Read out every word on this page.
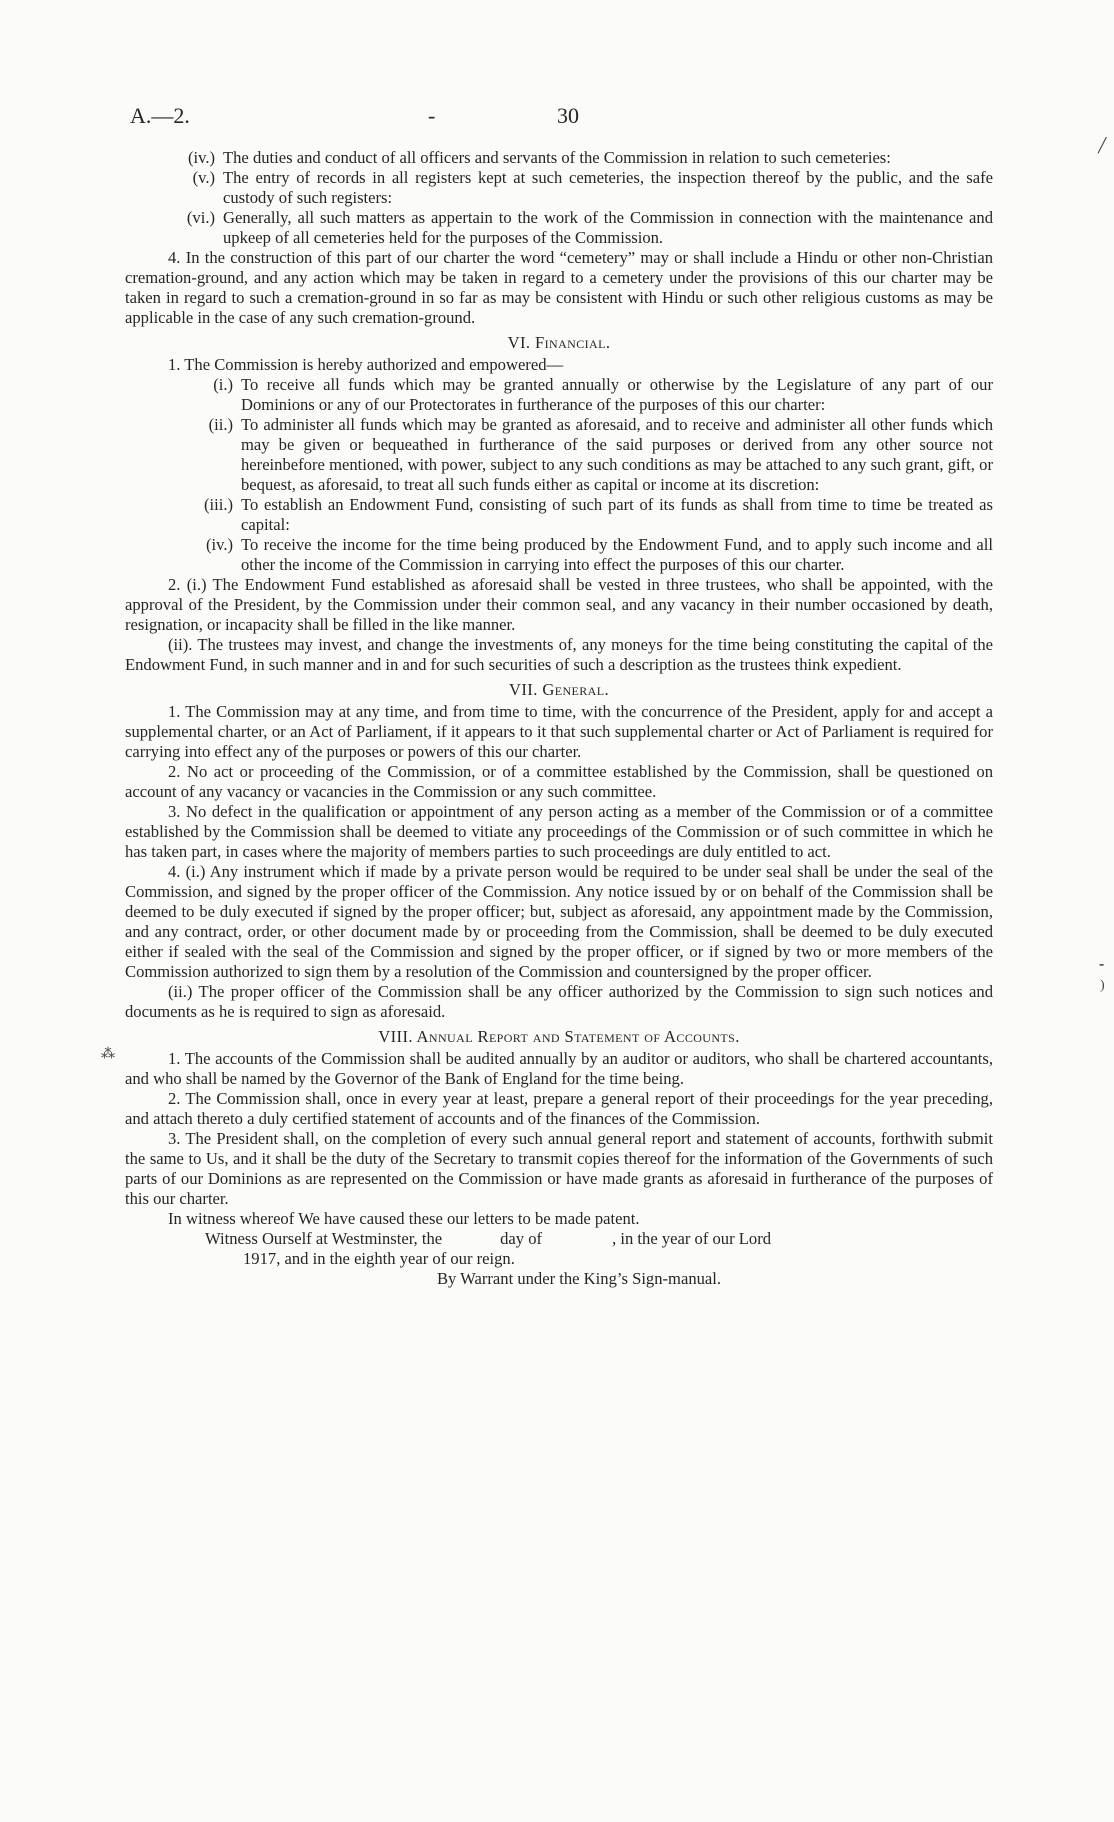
A.—2.	-	30
╱
⁃
)
⁂
(iv.) The duties and conduct of all officers and servants of the Commission in relation to such cemeteries:
(v.) The entry of records in all registers kept at such cemeteries, the inspection thereof by the public, and the safe custody of such registers:
(vi.) Generally, all such matters as appertain to the work of the Commission in connection with the maintenance and upkeep of all cemeteries held for the purposes of the Commission.

4. In the construction of this part of our charter the word “cemetery” may or shall include a Hindu or other non-Christian cremation-ground, and any action which may be taken in regard to a cemetery under the provisions of this our charter may be taken in regard to such a cremation-ground in so far as may be consistent with Hindu or such other religious customs as may be applicable in the case of any such cremation-ground.

VI. Financial.

1. The Commission is hereby authorized and empowered—

(i.) To receive all funds which may be granted annually or otherwise by the Legislature of any part of our Dominions or any of our Protectorates in furtherance of the purposes of this our charter:
(ii.) To administer all funds which may be granted as aforesaid, and to receive and administer all other funds which may be given or bequeathed in furtherance of the said purposes or derived from any other source not hereinbefore mentioned, with power, subject to any such conditions as may be attached to any such grant, gift, or bequest, as aforesaid, to treat all such funds either as capital or income at its discretion:
(iii.) To establish an Endowment Fund, consisting of such part of its funds as shall from time to time be treated as capital:
(iv.) To receive the income for the time being produced by the Endowment Fund, and to apply such income and all other the income of the Commission in carrying into effect the purposes of this our charter.

2. (i.) The Endowment Fund established as aforesaid shall be vested in three trustees, who shall be appointed, with the approval of the President, by the Commission under their common seal, and any vacancy in their number occasioned by death, resignation, or incapacity shall be filled in the like manner.

(ii). The trustees may invest, and change the investments of, any moneys for the time being constituting the capital of the Endowment Fund, in such manner and in and for such securities of such a description as the trustees think expedient.

VII. General.

1. The Commission may at any time, and from time to time, with the concurrence of the President, apply for and accept a supplemental charter, or an Act of Parliament, if it appears to it that such supplemental charter or Act of Parliament is required for carrying into effect any of the purposes or powers of this our charter.

2. No act or proceeding of the Commission, or of a committee established by the Commission, shall be questioned on account of any vacancy or vacancies in the Commission or any such committee.

3. No defect in the qualification or appointment of any person acting as a member of the Commission or of a committee established by the Commission shall be deemed to vitiate any proceedings of the Commission or of such committee in which he has taken part, in cases where the majority of members parties to such proceedings are duly entitled to act.

4. (i.) Any instrument which if made by a private person would be required to be under seal shall be under the seal of the Commission, and signed by the proper officer of the Commission. Any notice issued by or on behalf of the Commission shall be deemed to be duly executed if signed by the proper officer; but, subject as aforesaid, any appointment made by the Commission, and any contract, order, or other document made by or proceeding from the Commission, shall be deemed to be duly executed either if sealed with the seal of the Commission and signed by the proper officer, or if signed by two or more members of the Commission authorized to sign them by a resolution of the Commission and countersigned by the proper officer.

(ii.) The proper officer of the Commission shall be any officer authorized by the Commission to sign such notices and documents as he is required to sign as aforesaid.

VIII. Annual Report and Statement of Accounts.

1. The accounts of the Commission shall be audited annually by an auditor or auditors, who shall be chartered accountants, and who shall be named by the Governor of the Bank of England for the time being.

2. The Commission shall, once in every year at least, prepare a general report of their proceedings for the year preceding, and attach thereto a duly certified statement of accounts and of the finances of the Commission.

3. The President shall, on the completion of every such annual general report and statement of accounts, forthwith submit the same to Us, and it shall be the duty of the Secretary to transmit copies thereof for the information of the Governments of such parts of our Dominions as are represented on the Commission or have made grants as aforesaid in furtherance of the purposes of this our charter.

In witness whereof We have caused these our letters to be made patent.

Witness Ourself at Westminster, the	day of	, in the year of our Lord

1917, and in the eighth year of our reign.

By Warrant under the King’s Sign-manual.
